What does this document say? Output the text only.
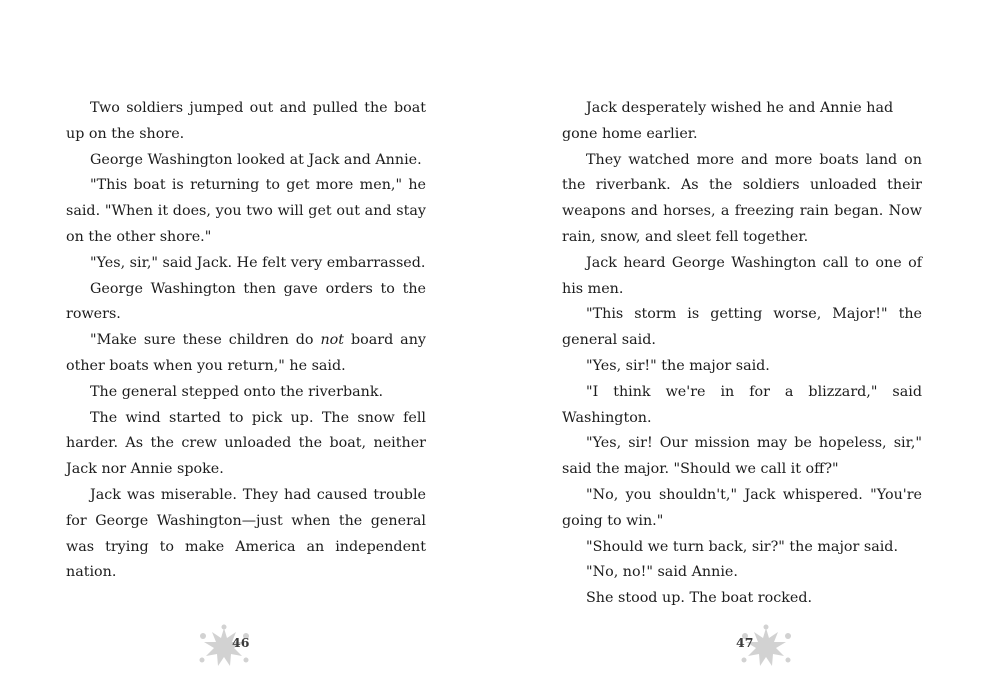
Two soldiers jumped out and pulled the boat up on the shore.

George Washington looked at Jack and Annie.

"This boat is returning to get more men," he said. "When it does, you two will get out and stay on the other shore."

"Yes, sir," said Jack. He felt very embarrassed.

George Washington then gave orders to the rowers.

"Make sure these children do not board any other boats when you return," he said.

The general stepped onto the riverbank.

The wind started to pick up. The snow fell harder. As the crew unloaded the boat, neither Jack nor Annie spoke.

Jack was miserable. They had caused trouble for George Washington—just when the general was trying to make America an independent nation.

Jack desperately wished he and Annie had
gone home earlier.

They watched more and more boats land on the riverbank. As the soldiers unloaded their weapons and horses, a freezing rain began. Now rain, snow, and sleet fell together.

Jack heard George Washington call to one of his men.

"This storm is getting worse, Major!" the general said.

"Yes, sir!" the major said.

"I think we're in for a blizzard," said Washington.

"Yes, sir! Our mission may be hopeless, sir," said the major. "Should we call it off?"

"No, you shouldn't," Jack whispered. "You're going to win."

"Should we turn back, sir?" the major said.

"No, no!" said Annie.

She stood up. The boat rocked.

46	47
